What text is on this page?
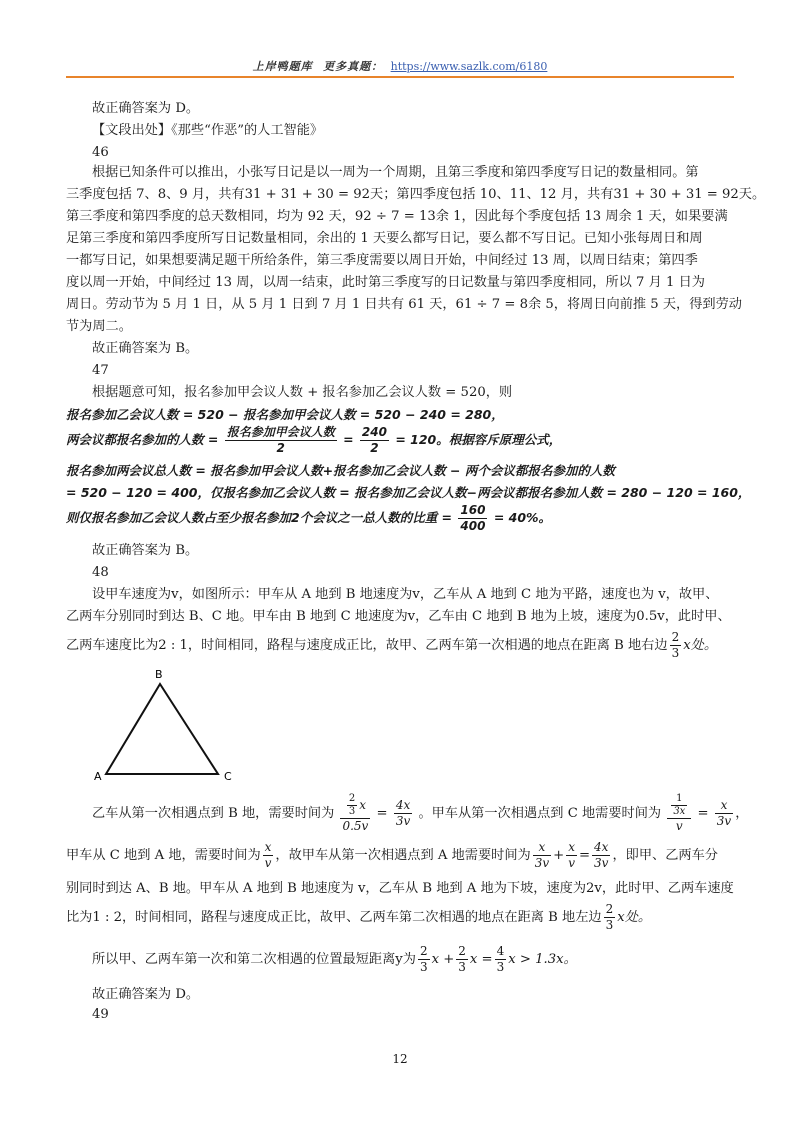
上岸鸭题库 更多真题： https://www.sazlk.com/6180
故正确答案为 D。
【文段出处】《那些“作恶”的人工智能》
46
根据已知条件可以推出，小张写日记是以一周为一个周期，且第三季度和第四季度写日记的数量相同。第
三季度包括 7、8、9 月，共有31 + 31 + 30 = 92天；第四季度包括 10、11、12 月，共有31 + 30 + 31 = 92天。
第三季度和第四季度的总天数相同，均为 92 天，92 ÷ 7 = 13余 1，因此每个季度包括 13 周余 1 天，如果要满
足第三季度和第四季度所写日记数量相同，余出的 1 天要么都写日记，要么都不写日记。已知小张每周日和周
一都写日记，如果想要满足题干所给条件，第三季度需要以周日开始，中间经过 13 周，以周日结束；第四季
度以周一开始，中间经过 13 周，以周一结束，此时第三季度写的日记数量与第四季度相同，所以 7 月 1 日为
周日。劳动节为 5 月 1 日，从 5 月 1 日到 7 月 1 日共有 61 天，61 ÷ 7 = 8余 5，将周日向前推 5 天，得到劳动
节为周二。
故正确答案为 B。
47
根据题意可知，报名参加甲会议人数 + 报名参加乙会议人数 = 520，则
报名参加乙会议人数 = 520 − 报名参加甲会议人数 = 520 − 240 = 280，
两会议都报名参加的人数 = $\frac{\text{报名参加甲会议人数}}{2} = \frac{240}{2} = 120$。根据容斥原理公式，
报名参加两会议总人数 = 报名参加甲会议人数+报名参加乙会议人数 − 两个会议都报名参加的人数
= 520 − 120 = 400，仅报名参加乙会议人数 = 报名参加乙会议人数−两会议都报名参加人数 = 280 − 120 = 160，
则仅报名参加乙会议人数占至少报名参加2个会议之一总人数的比重 = $\frac{160}{400} = 40\%$。
故正确答案为 B。
48
设甲车速度为v，如图所示：甲车从 A 地到 B 地速度为v，乙车从 A 地到 C 地为平路，速度也为 v，故甲、
乙两车分别同时到达 B、C 地。甲车由 B 地到 C 地速度为v，乙车由 C 地到 B 地为上坡，速度为0.5v，此时甲、
乙两车速度比为2 : 1，时间相同，路程与速度成正比，故甲、乙两车第一次相遇的地点在距离 B 地右边 $\frac{2}{3}$ x处。
B
A	C
乙车从第一次相遇点到 B 地，需要时间为 $\frac{\frac{2}{3} x}{0.5v} = \frac{4x}{3v}$ 。甲车从第一次相遇点到 C 地需要时间为 $\frac{\frac{1}{3x}}{v} = \frac{x}{3v}$ ，
甲车从 C 地到 A 地，需要时间为 $\frac{x}{v}$ ，故甲车从第一次相遇点到 A 地需要时间为 $\frac{x}{3v} + \frac{x}{v} = \frac{4x}{3v}$ ，即甲、乙两车分
别同时到达 A、B 地。甲车从 A 地到 B 地速度为 v，乙车从 B 地到 A 地为下坡，速度为2v，此时甲、乙两车速度
比为1 : 2，时间相同，路程与速度成正比，故甲、乙两车第二次相遇的地点在距离 B 地左边 $\frac{2}{3}$ x处。
所以甲、乙两车第一次和第二次相遇的位置最短距离y为 $\frac{2}{3}$ $x + \frac{2}{3}$ $x = \frac{4}{3}$ x > 1.3x。
故正确答案为 D。
49
12
